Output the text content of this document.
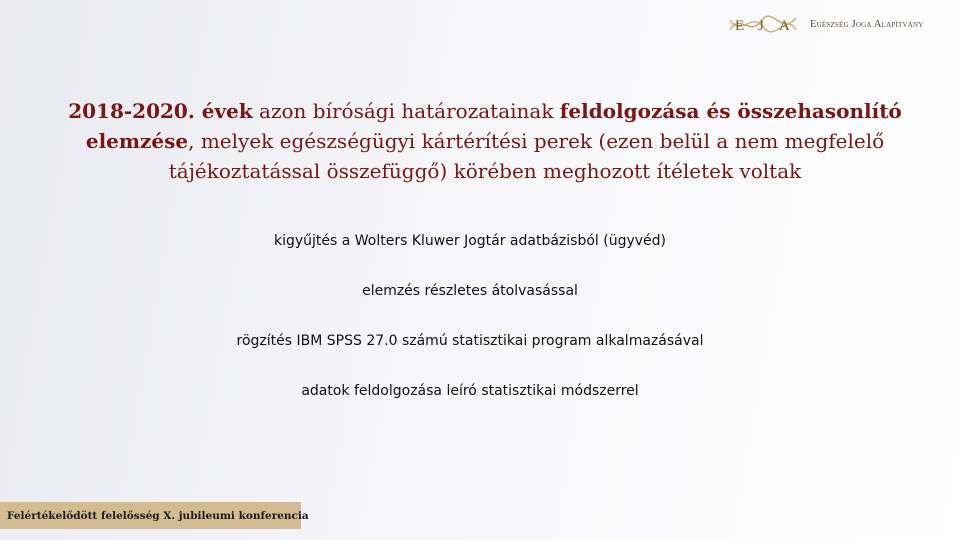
E J A Egészség Joga Alapítvány
2018-2020. évek azon bírósági határozatainak feldolgozása és összehasonlító elemzése, melyek egészségügyi kártérítési perek (ezen belül a nem megfelelő tájékoztatással összefüggő) körében meghozott ítéletek voltak
kigyűjtés a Wolters Kluwer Jogtár adatbázisból (ügyvéd)
elemzés részletes átolvasással
rögzítés IBM SPSS 27.0 számú statisztikai program alkalmazásával
adatok feldolgozása leíró statisztikai módszerrel
Felértékelődött felelősség X. jubileumi konferencia
